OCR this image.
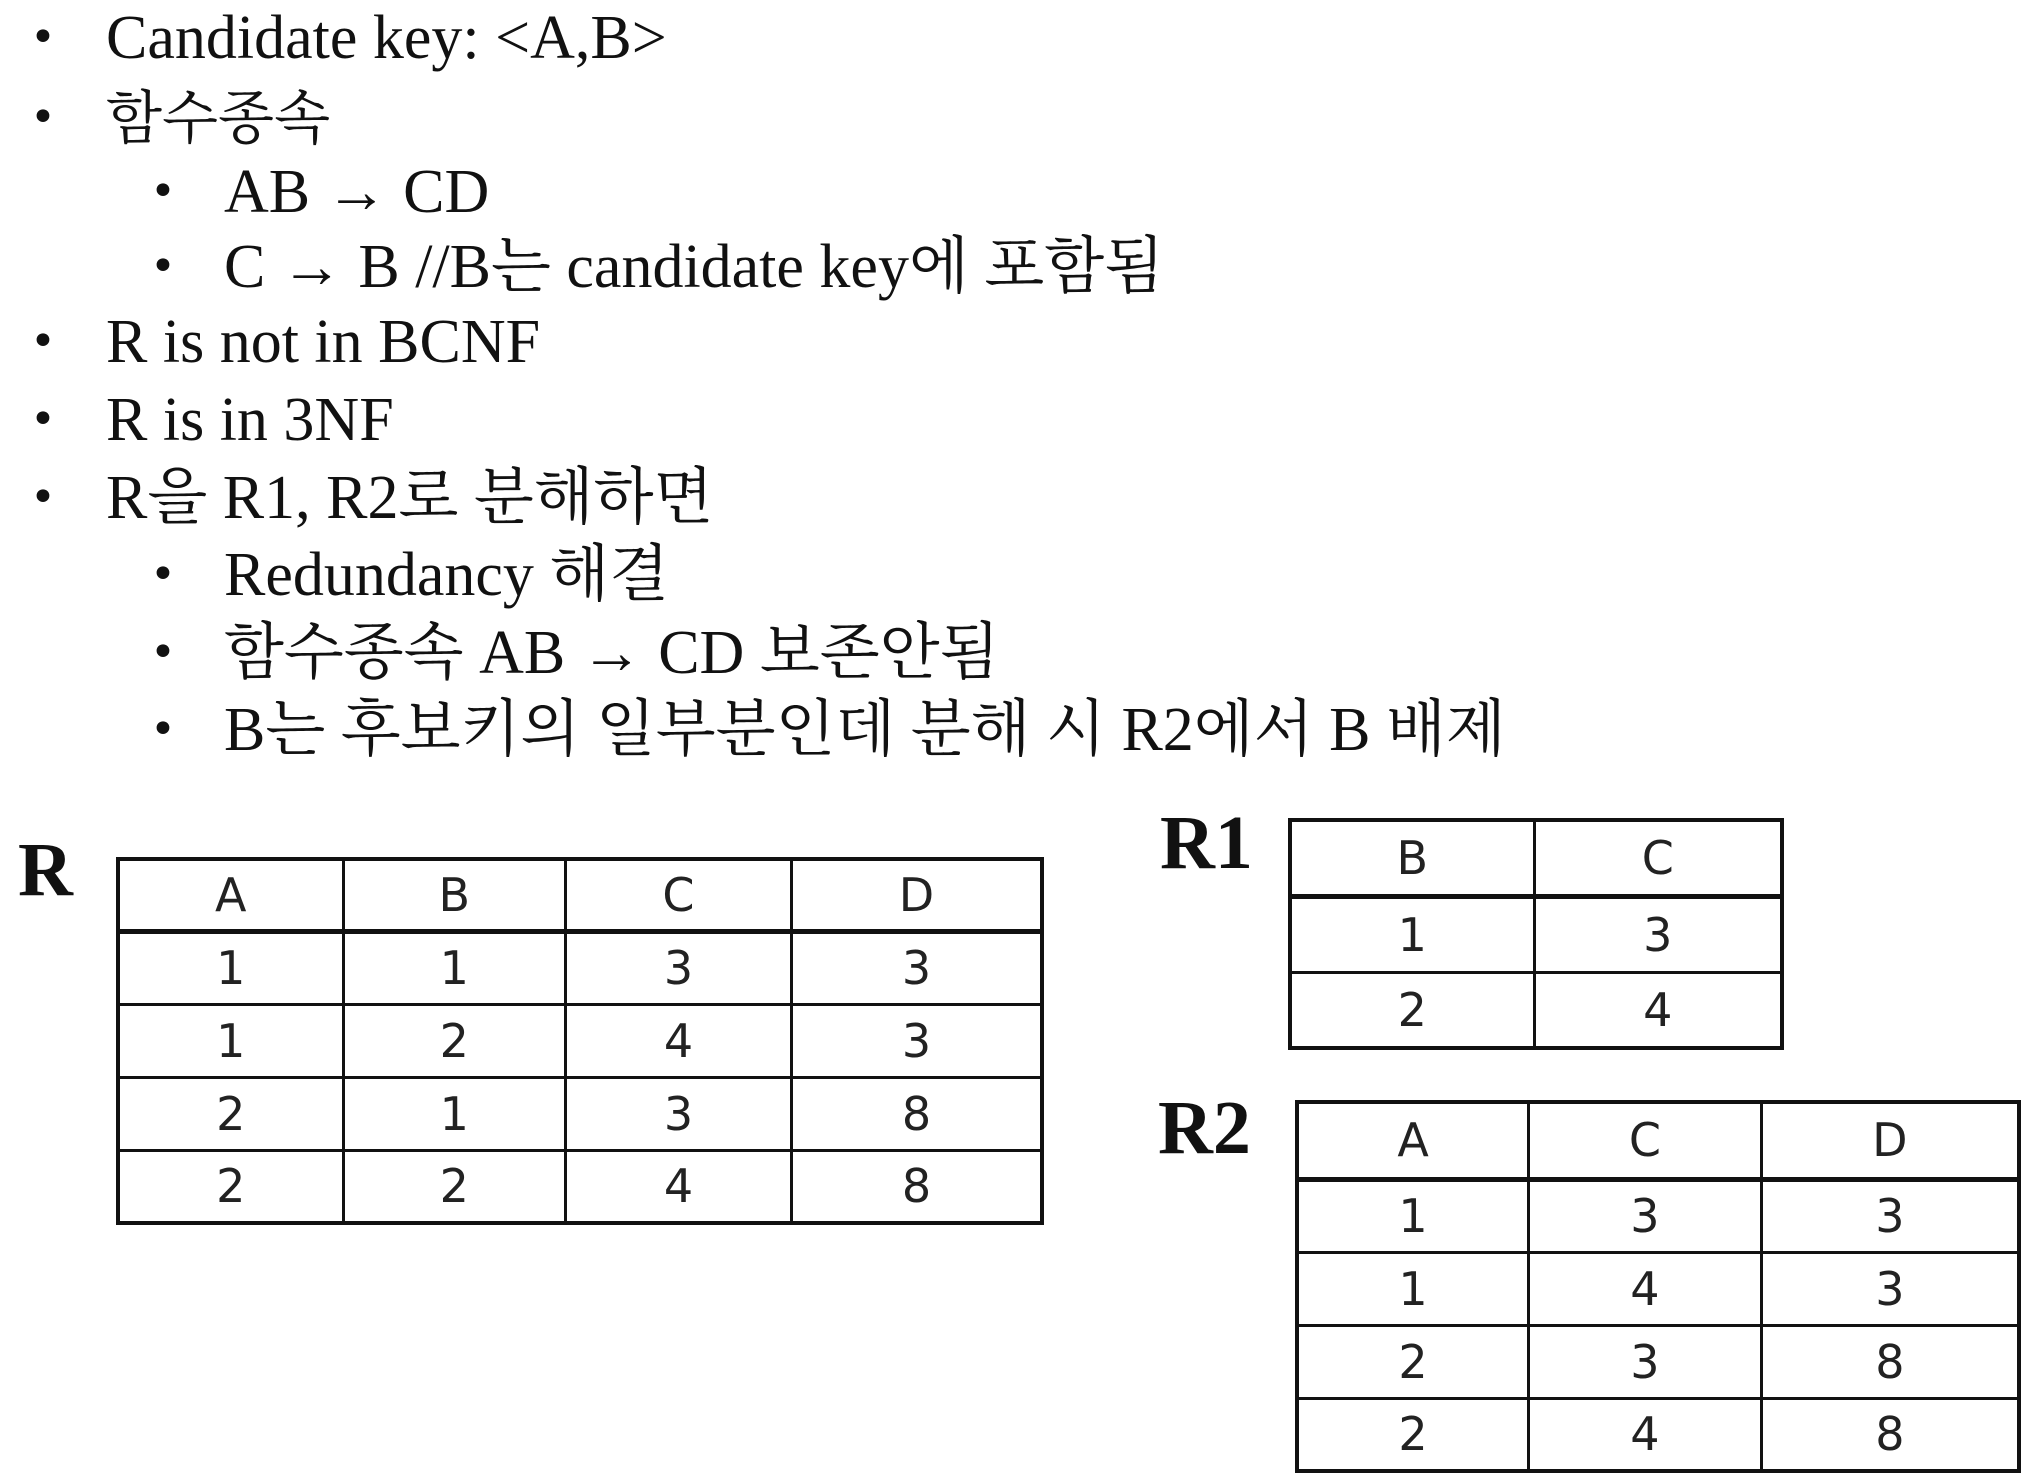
• Candidate key: <A,B>
• 함수종속
• AB → CD
• C → B //B는 candidate key에 포함됨
• R is not in BCNF
• R is in 3NF
• R을 R1, R2로 분해하면
• Redundancy 해결
• 함수종속 AB → CD 보존안됨
• B는 후보키의 일부분인데 분해 시 R2에서 B 배제
R	A	B	C	D
1	1	3	3
1	2	4	3
2	1	3	8
2	2	4	8
R1	B	C
1	3
2	4
R2	A	C	D
1	3	3
1	4	3
2	3	8
2	4	8
